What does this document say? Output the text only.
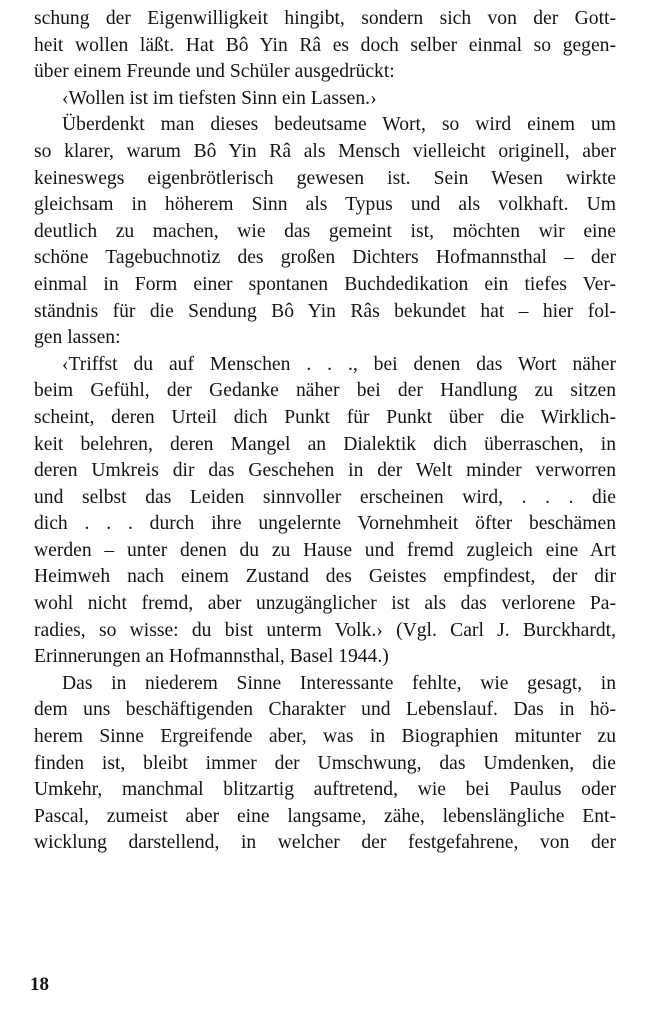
schung der Eigenwilligkeit hingibt, sondern sich von der Gott-
heit wollen läßt. Hat Bô Yin Râ es doch selber einmal so gegen-
über einem Freunde und Schüler ausgedrückt:
‹Wollen ist im tiefsten Sinn ein Lassen.›
Überdenkt man dieses bedeutsame Wort, so wird einem um
so klarer, warum Bô Yin Râ als Mensch vielleicht originell, aber
keineswegs eigenbrötlerisch gewesen ist. Sein Wesen wirkte
gleichsam in höherem Sinn als Typus und als volkhaft. Um
deutlich zu machen, wie das gemeint ist, möchten wir eine
schöne Tagebuchnotiz des großen Dichters Hofmannsthal – der
einmal in Form einer spontanen Buchdedikation ein tiefes Ver-
ständnis für die Sendung Bô Yin Râs bekundet hat – hier fol-
gen lassen:
‹Triffst du auf Menschen . . ., bei denen das Wort näher
beim Gefühl, der Gedanke näher bei der Handlung zu sitzen
scheint, deren Urteil dich Punkt für Punkt über die Wirklich-
keit belehren, deren Mangel an Dialektik dich überraschen, in
deren Umkreis dir das Geschehen in der Welt minder verworren
und selbst das Leiden sinnvoller erscheinen wird, . . . die
dich . . . durch ihre ungelernte Vornehmheit öfter beschämen
werden – unter denen du zu Hause und fremd zugleich eine Art
Heimweh nach einem Zustand des Geistes empfindest, der dir
wohl nicht fremd, aber unzugänglicher ist als das verlorene Pa-
radies, so wisse: du bist unterm Volk.› (Vgl. Carl J. Burckhardt,
Erinnerungen an Hofmannsthal, Basel 1944.)
Das in niederem Sinne Interessante fehlte, wie gesagt, in
dem uns beschäftigenden Charakter und Lebenslauf. Das in hö-
herem Sinne Ergreifende aber, was in Biographien mitunter zu
finden ist, bleibt immer der Umschwung, das Umdenken, die
Umkehr, manchmal blitzartig auftretend, wie bei Paulus oder
Pascal, zumeist aber eine langsame, zähe, lebenslängliche Ent-
wicklung darstellend, in welcher der festgefahrene, von der
18
